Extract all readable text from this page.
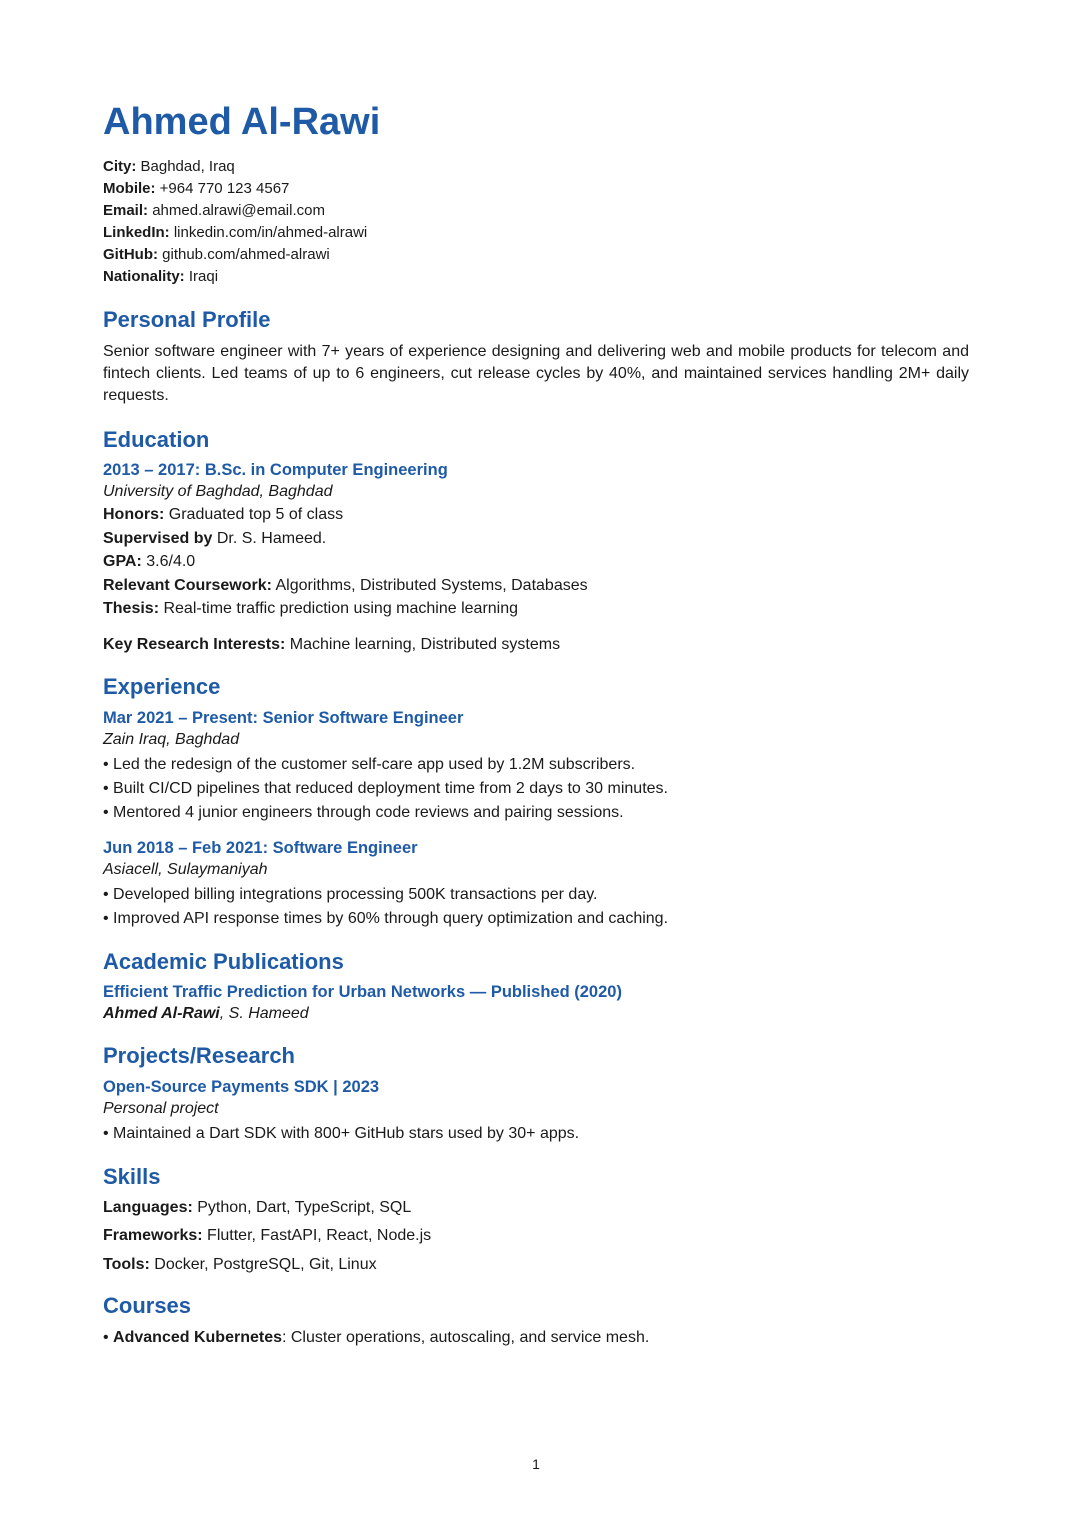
Ahmed Al-Rawi
City: Baghdad, Iraq
Mobile: +964 770 123 4567
Email: ahmed.alrawi@email.com
LinkedIn: linkedin.com/in/ahmed-alrawi
GitHub: github.com/ahmed-alrawi
Nationality: Iraqi
Personal Profile
Senior software engineer with 7+ years of experience designing and delivering web and mobile products for telecom and fintech clients. Led teams of up to 6 engineers, cut release cycles by 40%, and maintained services handling 2M+ daily requests.
Education
2013 – 2017: B.Sc. in Computer Engineering
University of Baghdad, Baghdad
Honors: Graduated top 5 of class
Supervised by Dr. S. Hameed.
GPA: 3.6/4.0
Relevant Coursework: Algorithms, Distributed Systems, Databases
Thesis: Real-time traffic prediction using machine learning
Key Research Interests: Machine learning, Distributed systems
Experience
Mar 2021 – Present: Senior Software Engineer
Zain Iraq, Baghdad
• Led the redesign of the customer self-care app used by 1.2M subscribers.
• Built CI/CD pipelines that reduced deployment time from 2 days to 30 minutes.
• Mentored 4 junior engineers through code reviews and pairing sessions.
Jun 2018 – Feb 2021: Software Engineer
Asiacell, Sulaymaniyah
• Developed billing integrations processing 500K transactions per day.
• Improved API response times by 60% through query optimization and caching.
Academic Publications
Efficient Traffic Prediction for Urban Networks — Published (2020)
Ahmed Al-Rawi, S. Hameed
Projects/Research
Open-Source Payments SDK | 2023
Personal project
• Maintained a Dart SDK with 800+ GitHub stars used by 30+ apps.
Skills
Languages: Python, Dart, TypeScript, SQL
Frameworks: Flutter, FastAPI, React, Node.js
Tools: Docker, PostgreSQL, Git, Linux
Courses
• Advanced Kubernetes: Cluster operations, autoscaling, and service mesh.
1
